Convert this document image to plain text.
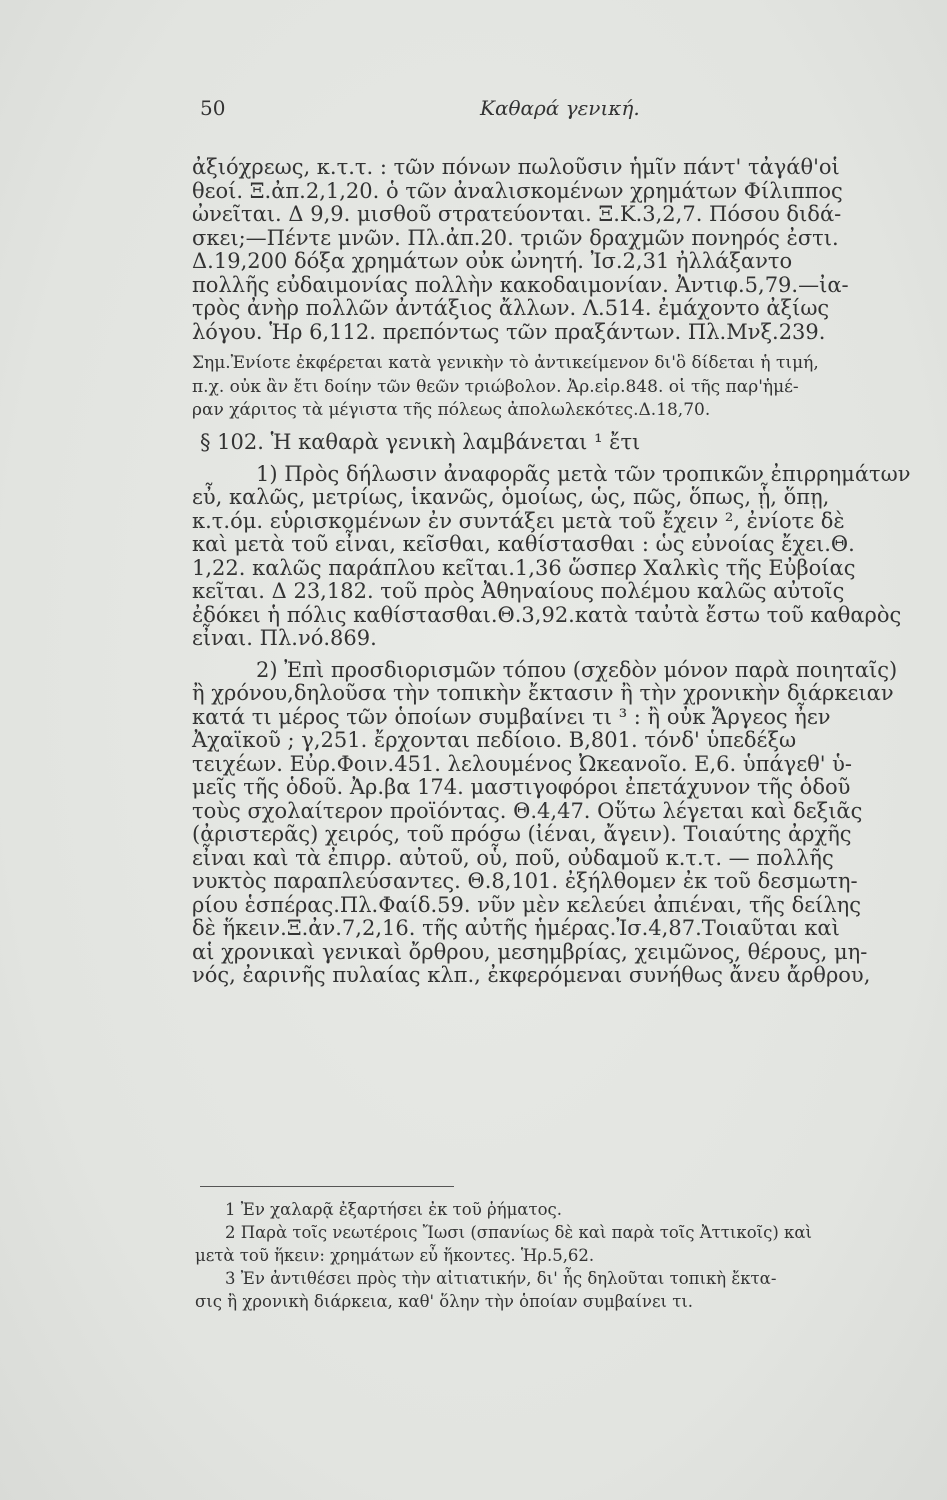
50	Καθαρά γενική.

ἀξιόχρεως, κ.τ.τ. : τῶν πόνων πωλοῦσιν ἡμῖν πάντ' τἀγάθ'οἱ

θεοί. Ξ.ἀπ.2,1,20. ὁ τῶν ἀναλισκομένων χρημάτων Φίλιππος

ὠνεῖται. Δ 9,9. μισθοῦ στρατεύονται. Ξ.Κ.3,2,7. Πόσου διδά-

σκει;—Πέντε μνῶν. Πλ.ἀπ.20. τριῶν δραχμῶν πονηρός ἐστι.

Δ.19,200 δόξα χρημάτων οὐκ ὠνητή. Ἰσ.2,31 ἠλλάξαντο

πολλῆς εὐδαιμονίας πολλὴν κακοδαιμονίαν. Ἀντιφ.5,79.—ἰα-

τρὸς ἀνὴρ πολλῶν ἀντάξιος ἄλλων. Λ.514. ἐμάχοντο ἀξίως

λόγου. Ἡρ 6,112. πρεπόντως τῶν πραξάντων. Πλ.Μνξ.239.

Σημ.Ἐνίοτε ἐκφέρεται κατὰ γενικὴν τὸ ἀντικείμενον δι'ὃ δίδεται ἡ τιμή,

π.χ. οὐκ ἂν ἔτι δοίην τῶν θεῶν τριώβολον. Ἀρ.εἰρ.848. οἱ τῆς παρ'ἡμέ-

ραν χάριτος τὰ μέγιστα τῆς πόλεως ἀπολωλεκότες.Δ.18,70.

§ 102. Ἡ καθαρὰ γενικὴ λαμβάνεται ¹ ἔτι

1) Πρὸς δήλωσιν ἀναφορᾶς μετὰ τῶν τροπικῶν ἐπιρρημάτων

εὖ, καλῶς, μετρίως, ἱκανῶς, ὁμοίως, ὡς, πῶς, ὅπως, ᾗ, ὅπῃ,

κ.τ.όμ. εὑρισκομένων ἐν συντάξει μετὰ τοῦ ἔχειν ², ἐνίοτε δὲ

καὶ μετὰ τοῦ εἶναι, κεῖσθαι, καθίστασθαι : ὡς εὐνοίας ἔχει.Θ.

1,22. καλῶς παράπλου κεῖται.1,36 ὥσπερ Χαλκὶς τῆς Εὐβοίας

κεῖται. Δ 23,182. τοῦ πρὸς Ἀθηναίους πολέμου καλῶς αὐτοῖς

ἐδόκει ἡ πόλις καθίστασθαι.Θ.3,92.κατὰ ταὐτὰ ἔστω τοῦ καθαρὸς

εἶναι. Πλ.νό.869.

2) Ἐπὶ προσδιορισμῶν τόπου (σχεδὸν μόνον παρὰ ποιηταῖς)

ἢ χρόνου,δηλοῦσα τὴν τοπικὴν ἔκτασιν ἢ τὴν χρονικὴν διάρκειαν

κατά τι μέρος τῶν ὁποίων συμβαίνει τι ³ : ἢ οὐκ Ἄργεος ἦεν

Ἀχαϊκοῦ ; γ,251. ἔρχονται πεδίοιο. Β,801. τόνδ' ὑπεδέξω

τειχέων. Εὐρ.Φοιν.451. λελουμένος Ὠκεανοῖο. Ε,6. ὑπάγεθ' ὑ-

μεῖς τῆς ὁδοῦ. Ἀρ.βα 174. μαστιγοφόροι ἐπετάχυνον τῆς ὁδοῦ

τοὺς σχολαίτερον προϊόντας. Θ.4,47. Οὕτω λέγεται καὶ δεξιᾶς

(ἀριστερᾶς) χειρός, τοῦ πρόσω (ἰέναι, ἄγειν). Τοιαύτης ἀρχῆς

εἶναι καὶ τὰ ἐπιρρ. αὐτοῦ, οὗ, ποῦ, οὐδαμοῦ κ.τ.τ. — πολλῆς

νυκτὸς παραπλεύσαντες. Θ.8,101. ἐξήλθομεν ἐκ τοῦ δεσμωτη-

ρίου ἑσπέρας.Πλ.Φαίδ.59. νῦν μὲν κελεύει ἀπιέναι, τῆς δείλης

δὲ ἥκειν.Ξ.ἀν.7,2,16. τῆς αὐτῆς ἡμέρας.Ἰσ.4,87.Τοιαῦται καὶ

αἱ χρονικαὶ γενικαὶ ὄρθρου, μεσημβρίας, χειμῶνος, θέρους, μη-

νός, ἐαρινῆς πυλαίας κλπ., ἐκφερόμεναι συνήθως ἄνευ ἄρθρου,

1 Ἐν χαλαρᾷ ἐξαρτήσει ἐκ τοῦ ῥήματος.

2 Παρὰ τοῖς νεωτέροις Ἴωσι (σπανίως δὲ καὶ παρὰ τοῖς Ἀττικοῖς) καὶ

μετὰ τοῦ ἥκειν: χρημάτων εὖ ἥκοντες. Ἡρ.5,62.

3 Ἐν ἀντιθέσει πρὸς τὴν αἰτιατικήν, δι' ἧς δηλοῦται τοπικὴ ἔκτα-

σις ἢ χρονικὴ διάρκεια, καθ' ὅλην τὴν ὁποίαν συμβαίνει τι.
